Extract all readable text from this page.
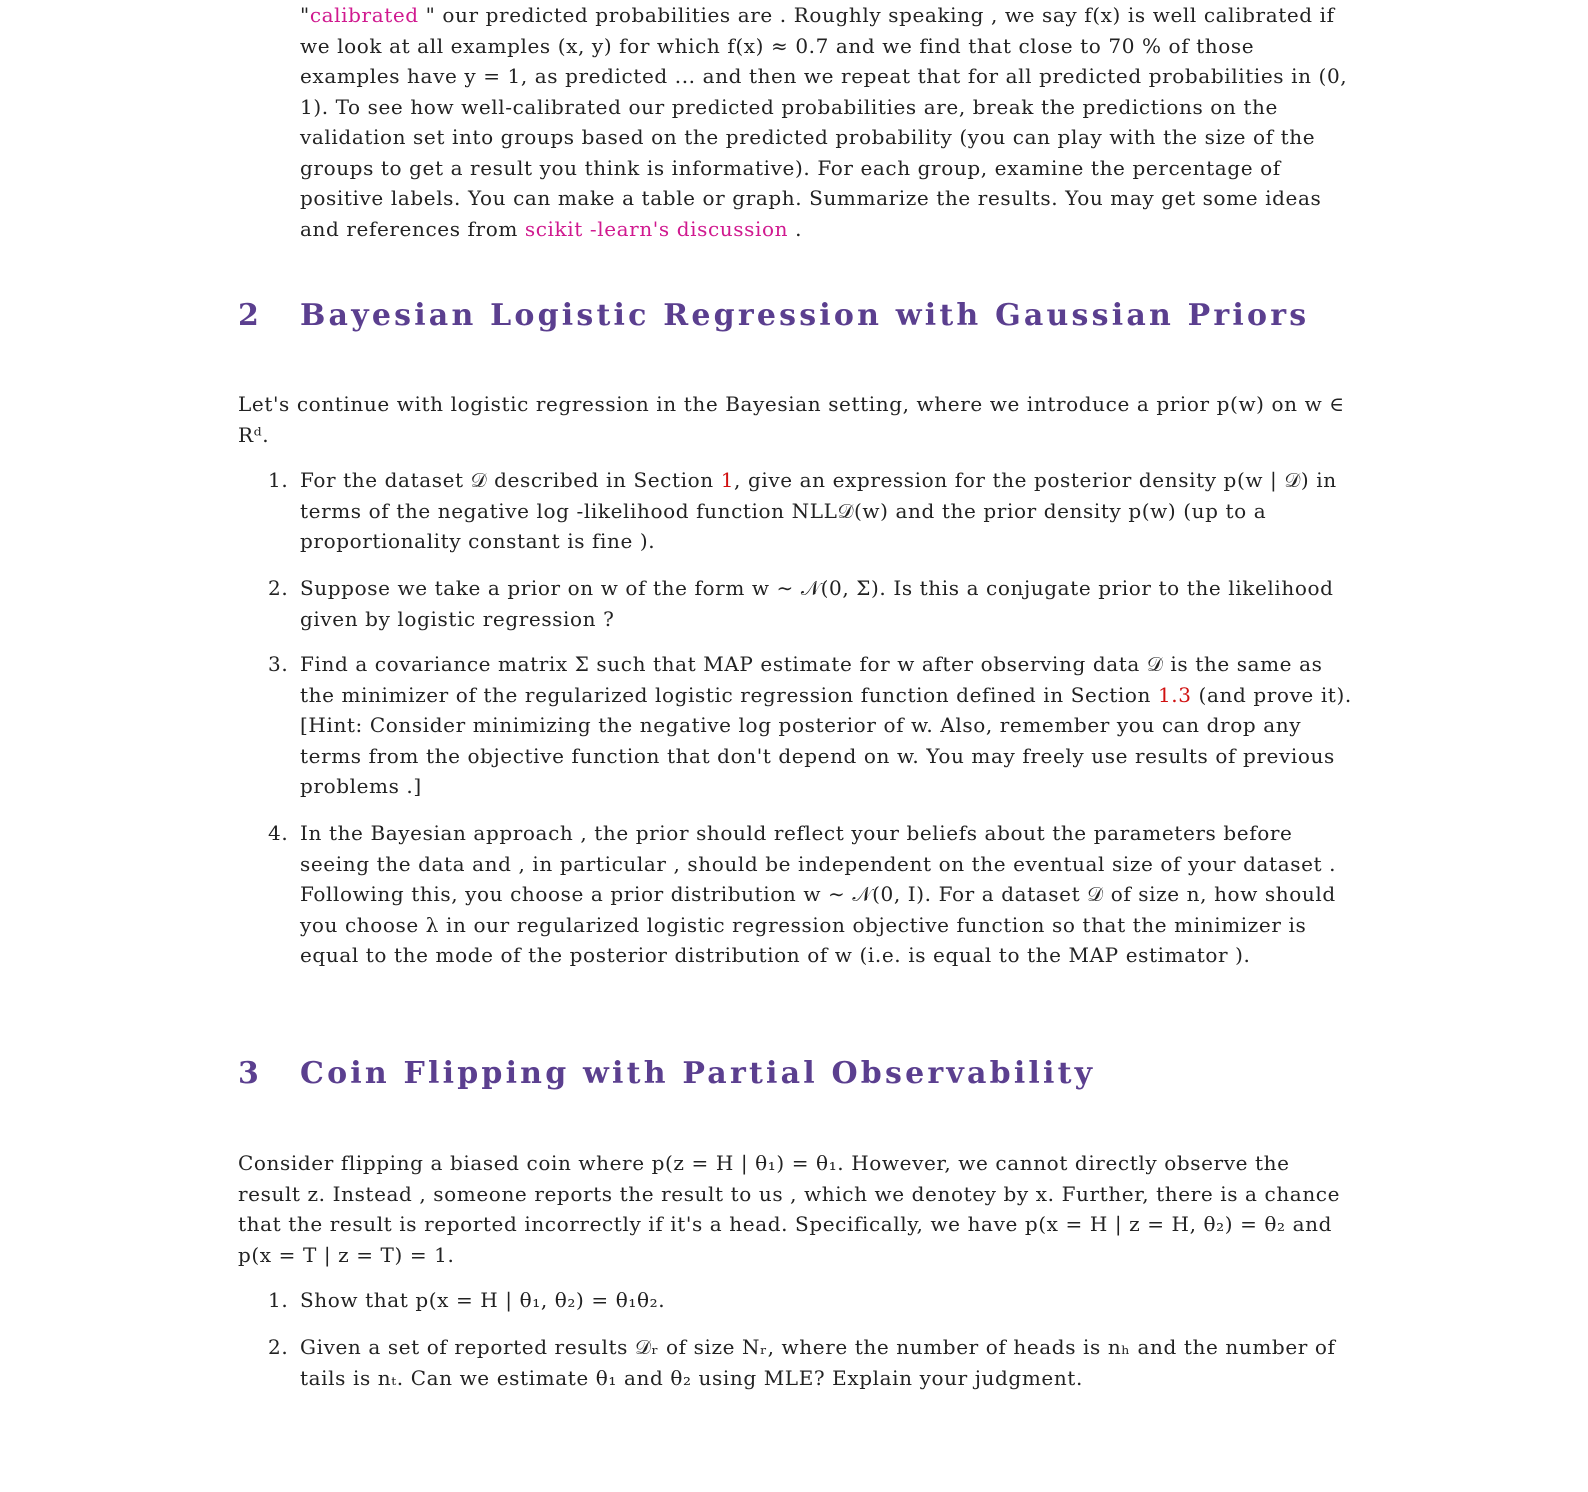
"calibrated " our predicted probabilities are . Roughly speaking , we say f(x) is well calibrated if we look at all examples (x, y) for which f(x) ≈ 0.7 and we find that close to 70 % of those examples have y = 1, as predicted ... and then we repeat that for all predicted probabilities in (0, 1). To see how well-calibrated our predicted probabilities are, break the predictions on the validation set into groups based on the predicted probability (you can play with the size of the groups to get a result you think is informative). For each group, examine the percentage of positive labels. You can make a table or graph. Summarize the results. You may get some ideas and references from scikit -learn's discussion .

2 Bayesian Logistic Regression with Gaussian Priors

Let's continue with logistic regression in the Bayesian setting, where we introduce a prior p(w) on w ∈ Rᵈ.

1. For the dataset 𝒟 described in Section 1, give an expression for the posterior density p(w | 𝒟) in terms of the negative log -likelihood function NLL𝒟(w) and the prior density p(w) (up to a proportionality constant is fine ).
2. Suppose we take a prior on w of the form w ∼ 𝒩(0, Σ). Is this a conjugate prior to the likelihood given by logistic regression ?
3. Find a covariance matrix Σ such that MAP estimate for w after observing data 𝒟 is the same as the minimizer of the regularized logistic regression function defined in Section 1.3 (and prove it). [Hint: Consider minimizing the negative log posterior of w. Also, remember you can drop any terms from the objective function that don't depend on w. You may freely use results of previous problems .]
4. In the Bayesian approach , the prior should reflect your beliefs about the parameters before seeing the data and , in particular , should be independent on the eventual size of your dataset . Following this, you choose a prior distribution w ∼ 𝒩(0, I). For a dataset 𝒟 of size n, how should you choose λ in our regularized logistic regression objective function so that the minimizer is equal to the mode of the posterior distribution of w (i.e. is equal to the MAP estimator ).
3 Coin Flipping with Partial Observability

Consider flipping a biased coin where p(z = H | θ₁) = θ₁. However, we cannot directly observe the result z. Instead , someone reports the result to us , which we denotey by x. Further, there is a chance that the result is reported incorrectly if it's a head. Specifically, we have p(x = H | z = H, θ₂) = θ₂ and p(x = T | z = T) = 1.

1. Show that p(x = H | θ₁, θ₂) = θ₁θ₂.
2. Given a set of reported results 𝒟ᵣ of size Nᵣ, where the number of heads is nₕ and the number of tails is nₜ. Can we estimate θ₁ and θ₂ using MLE? Explain your judgment.
